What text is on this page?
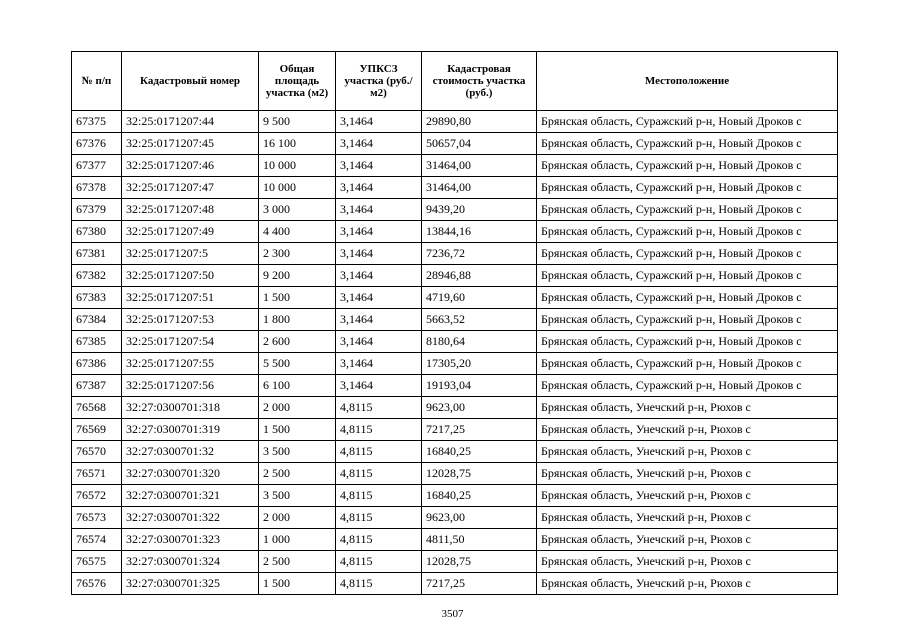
№ п/п	Кадастровый номер	Общая площадь участка (м2)	УПКСЗ участка (руб./м2)	Кадастровая стоимость участка (руб.)	Местоположение
67375	32:25:0171207:44	9 500	3,1464	29890,80	Брянская область, Суражский р-н, Новый Дроков с
67376	32:25:0171207:45	16 100	3,1464	50657,04	Брянская область, Суражский р-н, Новый Дроков с
67377	32:25:0171207:46	10 000	3,1464	31464,00	Брянская область, Суражский р-н, Новый Дроков с
67378	32:25:0171207:47	10 000	3,1464	31464,00	Брянская область, Суражский р-н, Новый Дроков с
67379	32:25:0171207:48	3 000	3,1464	9439,20	Брянская область, Суражский р-н, Новый Дроков с
67380	32:25:0171207:49	4 400	3,1464	13844,16	Брянская область, Суражский р-н, Новый Дроков с
67381	32:25:0171207:5	2 300	3,1464	7236,72	Брянская область, Суражский р-н, Новый Дроков с
67382	32:25:0171207:50	9 200	3,1464	28946,88	Брянская область, Суражский р-н, Новый Дроков с
67383	32:25:0171207:51	1 500	3,1464	4719,60	Брянская область, Суражский р-н, Новый Дроков с
67384	32:25:0171207:53	1 800	3,1464	5663,52	Брянская область, Суражский р-н, Новый Дроков с
67385	32:25:0171207:54	2 600	3,1464	8180,64	Брянская область, Суражский р-н, Новый Дроков с
67386	32:25:0171207:55	5 500	3,1464	17305,20	Брянская область, Суражский р-н, Новый Дроков с
67387	32:25:0171207:56	6 100	3,1464	19193,04	Брянская область, Суражский р-н, Новый Дроков с
76568	32:27:0300701:318	2 000	4,8115	9623,00	Брянская область, Унечский р-н, Рюхов с
76569	32:27:0300701:319	1 500	4,8115	7217,25	Брянская область, Унечский р-н, Рюхов с
76570	32:27:0300701:32	3 500	4,8115	16840,25	Брянская область, Унечский р-н, Рюхов с
76571	32:27:0300701:320	2 500	4,8115	12028,75	Брянская область, Унечский р-н, Рюхов с
76572	32:27:0300701:321	3 500	4,8115	16840,25	Брянская область, Унечский р-н, Рюхов с
76573	32:27:0300701:322	2 000	4,8115	9623,00	Брянская область, Унечский р-н, Рюхов с
76574	32:27:0300701:323	1 000	4,8115	4811,50	Брянская область, Унечский р-н, Рюхов с
76575	32:27:0300701:324	2 500	4,8115	12028,75	Брянская область, Унечский р-н, Рюхов с
76576	32:27:0300701:325	1 500	4,8115	7217,25	Брянская область, Унечский р-н, Рюхов с
3507
